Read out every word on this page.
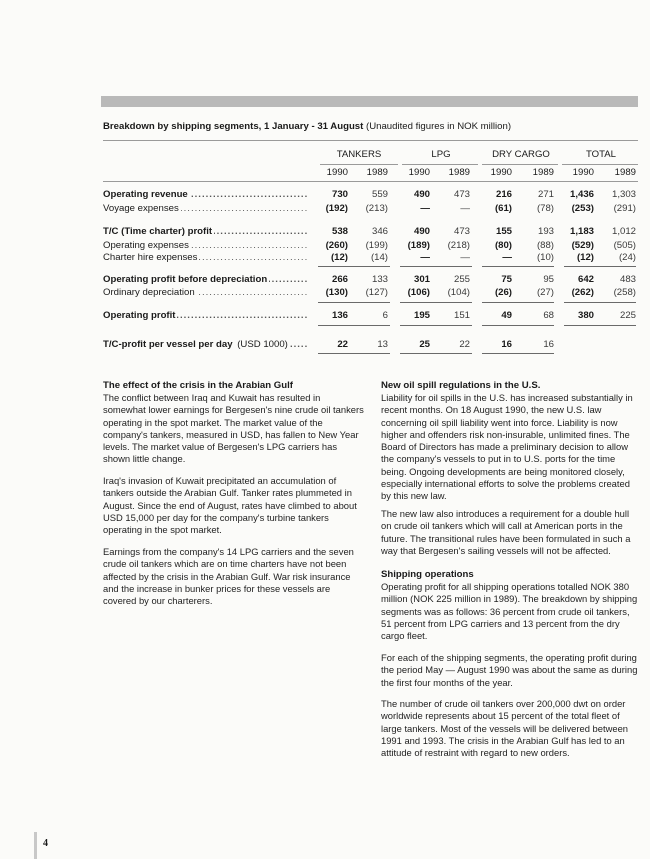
Breakdown by shipping segments, 1 January - 31 August (Unaudited figures in NOK million)
TANKERS	LPG	DRY CARGO	TOTAL
1990	1989	1990	1989	1990	1989	1990	1989
Operating revenue .....	730	559	490	473	216	271	1,436	1,303
Voyage expenses .....	(192)	(213)	—	—	(61)	(78)	(253)	(291)
T/C (Time charter) profit .....	538	346	490	473	155	193	1,183	1,012
Operating expenses .....	(260)	(199)	(189)	(218)	(80)	(88)	(529)	(505)
Charter hire expenses .....	(12)	(14)	—	—	—	(10)	(12)	(24)
Operating profit before depreciation .....	266	133	301	255	75	95	642	483
Ordinary depreciation .....	(130)	(127)	(106)	(104)	(26)	(27)	(262)	(258)
Operating profit .....	136	6	195	151	49	68	380	225
T/C-profit per vessel per day (USD 1000) .....	22	13	25	22	16	16
The effect of the crisis in the Arabian Gulf

The conflict between Iraq and Kuwait has resulted in somewhat lower earnings for Bergesen's nine crude oil tankers operating in the spot market. The market value of the company's tankers, measured in USD, has fallen to New Year levels. The market value of Bergesen's LPG carriers has shown little change.

Iraq's invasion of Kuwait precipitated an accumulation of tankers outside the Arabian Gulf. Tanker rates plummeted in August. Since the end of August, rates have climbed to about USD 15,000 per day for the company's turbine tankers operating in the spot market.

Earnings from the company's 14 LPG carriers and the seven crude oil tankers which are on time charters have not been affected by the crisis in the Arabian Gulf. War risk insurance and the increase in bunker prices for these vessels are covered by our charterers.

New oil spill regulations in the U.S.

Liability for oil spills in the U.S. has increased substantially in recent months. On 18 August 1990, the new U.S. law concerning oil spill liability went into force. Liability is now higher and offenders risk non-insurable, unlimited fines. The Board of Directors has made a preliminary decision to allow the company's vessels to put in to U.S. ports for the time being. Ongoing developments are being monitored closely, especially international efforts to solve the problems created by this new law.

The new law also introduces a requirement for a double hull on crude oil tankers which will call at American ports in the future. The transitional rules have been formulated in such a way that Bergesen's sailing vessels will not be affected.

Shipping operations

Operating profit for all shipping operations totalled NOK 380 million (NOK 225 million in 1989). The breakdown by shipping segments was as follows: 36 percent from crude oil tankers, 51 percent from LPG carriers and 13 percent from the dry cargo fleet.

For each of the shipping segments, the operating profit during the period May — August 1990 was about the same as during the first four months of the year.

The number of crude oil tankers over 200,000 dwt on order worldwide represents about 15 percent of the total fleet of large tankers. Most of the vessels will be delivered between 1991 and 1993. The crisis in the Arabian Gulf has led to an attitude of restraint with regard to new orders.

4
